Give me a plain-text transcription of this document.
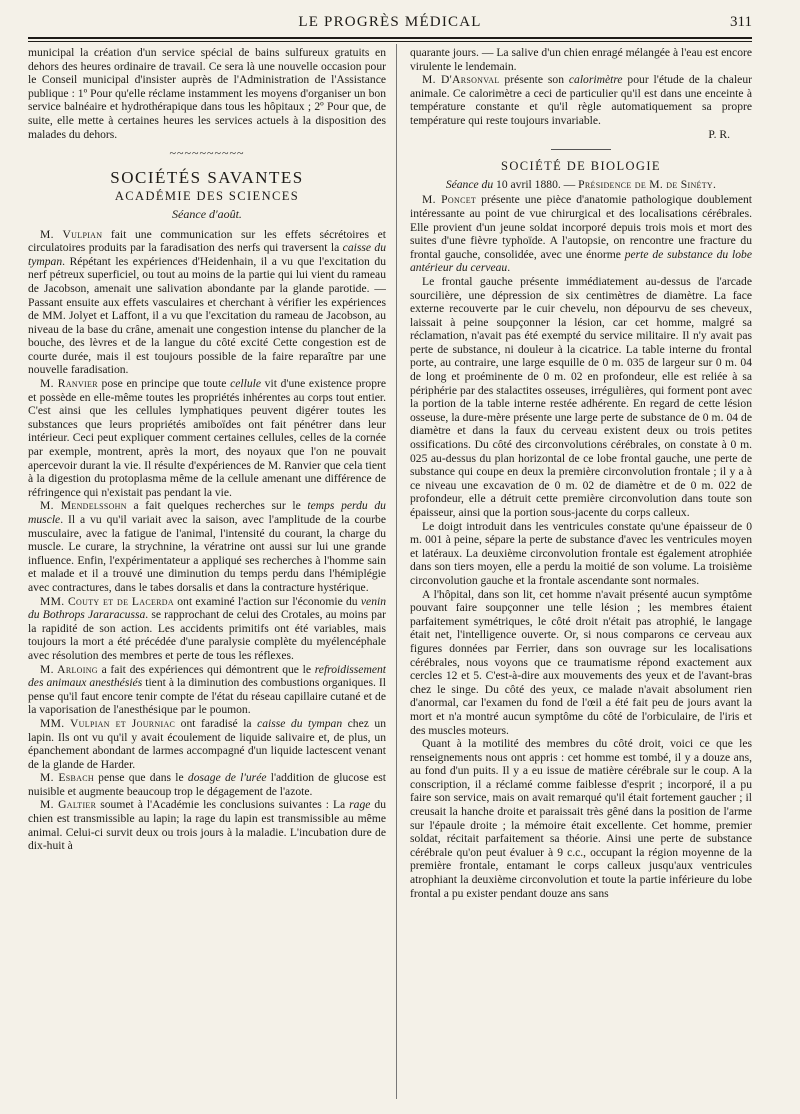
LE PROGRÈS MÉDICAL	311

municipal la création d'un service spécial de bains sulfureux gratuits en dehors des heures ordinaire de travail. Ce sera là une nouvelle occasion pour le Conseil municipal d'insister auprès de l'Administration de l'Assistance publique : 1º Pour qu'elle réclame instamment les moyens d'organiser un bon service balnéaire et hydrothérapique dans tous les hôpitaux ; 2º Pour que, de suite, elle mette à certaines heures les services actuels à la disposition des malades du dehors.

~~~~~~~~~~
SOCIÉTÉS SAVANTES
ACADÉMIE DES SCIENCES
Séance d'août.

M. Vulpian fait une communication sur les effets sécrétoires et circulatoires produits par la faradisation des nerfs qui traversent la caisse du tympan. Répétant les expériences d'Heidenhain, il a vu que l'excitation du nerf pétreux superficiel, ou tout au moins de la partie qui lui vient du rameau de Jacobson, amenait une salivation abondante par la glande parotide. — Passant ensuite aux effets vasculaires et cherchant à vérifier les expériences de MM. Jolyet et Laffont, il a vu que l'excitation du rameau de Jacobson, au niveau de la base du crâne, amenait une congestion intense du plancher de la bouche, des lèvres et de la langue du côté excité Cette congestion est de courte durée, mais il est toujours possible de la faire reparaître par une nouvelle faradisation.

M. Ranvier pose en principe que toute cellule vit d'une existence propre et possède en elle-même toutes les propriétés inhérentes au corps tout entier. C'est ainsi que les cellules lymphatiques peuvent digérer toutes les substances que leurs propriétés amiboïdes ont fait pénétrer dans leur intérieur. Ceci peut expliquer comment certaines cellules, celles de la cornée par exemple, montrent, après la mort, des noyaux que l'on ne pouvait apercevoir durant la vie. Il résulte d'expériences de M. Ranvier que cela tient à la digestion du protoplasma même de la cellule amenant une différence de réfringence qui n'existait pas pendant la vie.

M. Mendelssohn a fait quelques recherches sur le temps perdu du muscle. Il a vu qu'il variait avec la saison, avec l'amplitude de la courbe musculaire, avec la fatigue de l'animal, l'intensité du courant, la charge du muscle. Le curare, la strychnine, la vératrine ont aussi sur lui une grande influence. Enfin, l'expérimentateur a appliqué ses recherches à l'homme sain et malade et il a trouvé une diminution du temps perdu dans l'hémiplégie avec contractures, dans le tabes dorsalis et dans la contracture hystérique.

MM. Couty et de Lacerda ont examiné l'action sur l'économie du venin du Bothrops Jararacussa. se rapprochant de celui des Crotales, au moins par la rapidité de son action. Les accidents primitifs ont été variables, mais toujours la mort a été précédée d'une paralysie complète du myélencéphale avec résolution des membres et perte de tous les réflexes.

M. Arloing a fait des expériences qui démontrent que le refroidissement des animaux anesthésiés tient à la diminution des combustions organiques. Il pense qu'il faut encore tenir compte de l'état du réseau capillaire cutané et de la vaporisation de l'anesthésique par le poumon.

MM. Vulpian et Journiac ont faradisé la caisse du tympan chez un lapin. Ils ont vu qu'il y avait écoulement de liquide salivaire et, de plus, un épanchement abondant de larmes accompagné d'un liquide lactescent venant de la glande de Harder.

M. Esbach pense que dans le dosage de l'urée l'addition de glucose est nuisible et augmente beaucoup trop le dégagement de l'azote.

M. Galtier soumet à l'Académie les conclusions suivantes : La rage du chien est transmissible au lapin; la rage du lapin est transmissible au même animal. Celui-ci survit deux ou trois jours à la maladie. L'incubation dure de dix-huit à

quarante jours. — La salive d'un chien enragé mélangée à l'eau est encore virulente le lendemain.

M. D'Arsonval présente son calorimètre pour l'étude de la chaleur animale. Ce calorimètre a ceci de particulier qu'il est dans une enceinte à température constante et qu'il règle automatiquement sa propre température qui reste toujours invariable.

P. R.
SOCIÉTÉ DE BIOLOGIE
Séance du 10 avril 1880. — Présidence de M. de Sinéty.

M. Poncet présente une pièce d'anatomie pathologique doublement intéressante au point de vue chirurgical et des localisations cérébrales. Elle provient d'un jeune soldat incorporé depuis trois mois et mort des suites d'une fièvre typhoïde. A l'autopsie, on rencontre une fracture du frontal gauche, consolidée, avec une énorme perte de substance du lobe antérieur du cerveau.

Le frontal gauche présente immédiatement au-dessus de l'arcade sourcilière, une dépression de six centimètres de diamètre. La face externe recouverte par le cuir chevelu, non dépourvu de ses cheveux, laissait à peine soupçonner la lésion, car cet homme, malgré sa réclamation, n'avait pas été exempté du service militaire. Il n'y avait pas perte de substance, ni douleur à la cicatrice. La table interne du frontal porte, au contraire, une large esquille de 0 m. 035 de largeur sur 0 m. 04 de long et proéminente de 0 m. 02 en profondeur, elle est reliée à sa périphérie par des stalactites osseuses, irrégulières, qui forment pont avec la portion de la table interne restée adhérente. En regard de cette lésion osseuse, la dure-mère présente une large perte de substance de 0 m. 04 de diamètre et dans la faux du cerveau existent deux ou trois petites ossifications. Du côté des circonvolutions cérébrales, on constate à 0 m. 025 au-dessus du plan horizontal de ce lobe frontal gauche, une perte de substance qui coupe en deux la première circonvolution frontale ; il y a à ce niveau une excavation de 0 m. 02 de diamètre et de 0 m. 022 de profondeur, elle a détruit cette première circonvolution dans toute son épaisseur, ainsi que la portion sous-jacente du corps calleux.

Le doigt introduit dans les ventricules constate qu'une épaisseur de 0 m. 001 à peine, sépare la perte de substance d'avec les ventricules moyen et latéraux. La deuxième circonvolution frontale est également atrophiée dans son tiers moyen, elle a perdu la moitié de son volume. La troisième circonvolution gauche et la frontale ascendante sont normales.

A l'hôpital, dans son lit, cet homme n'avait présenté aucun symptôme pouvant faire soupçonner une telle lésion ; les membres étaient parfaitement symétriques, le côté droit n'était pas atrophié, le langage était net, l'intelligence ouverte. Or, si nous comparons ce cerveau aux figures données par Ferrier, dans son ouvrage sur les localisations cérébrales, nous voyons que ce traumatisme répond exactement aux cercles 12 et 5. C'est-à-dire aux mouvements des yeux et de l'avant-bras chez le singe. Du côté des yeux, ce malade n'avait absolument rien d'anormal, car l'examen du fond de l'œil a été fait peu de jours avant la mort et n'a montré aucun symptôme du côté de l'orbiculaire, de l'iris et des muscles moteurs.

Quant à la motilité des membres du côté droit, voici ce que les renseignements nous ont appris : cet homme est tombé, il y a douze ans, au fond d'un puits. Il y a eu issue de matière cérébrale sur le coup. A la conscription, il a réclamé comme faiblesse d'esprit ; incorporé, il a pu faire son service, mais on avait remarqué qu'il était fortement gaucher ; il creusait la hanche droite et paraissait très gêné dans la position de l'arme sur l'épaule droite ; la mémoire était excellente. Cet homme, premier soldat, récitait parfaitement sa théorie. Ainsi une perte de substance cérébrale qu'on peut évaluer à 9 c.c., occupant la région moyenne de la première frontale, entamant le corps calleux jusqu'aux ventricules atrophiant la deuxième circonvolution et toute la partie inférieure du lobe frontal a pu exister pendant douze ans sans
